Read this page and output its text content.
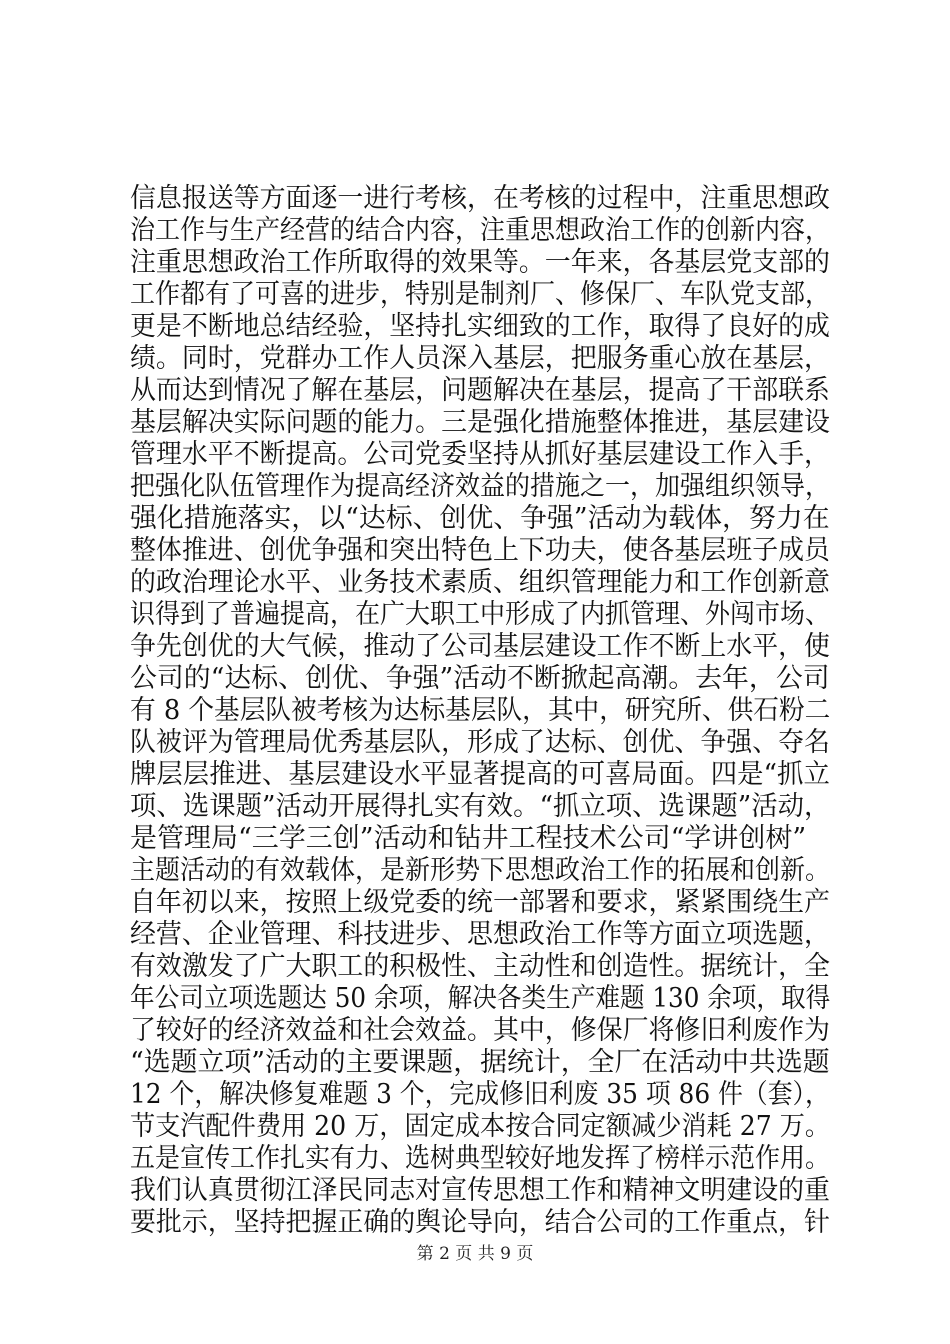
信息报送等方面逐一进行考核，在考核的过程中，注重思想政
治工作与生产经营的结合内容，注重思想政治工作的创新内容，
注重思想政治工作所取得的效果等。一年来，各基层党支部的
工作都有了可喜的进步，特别是制剂厂、修保厂、车队党支部，
更是不断地总结经验，坚持扎实细致的工作，取得了良好的成
绩。同时，党群办工作人员深入基层，把服务重心放在基层，
从而达到情况了解在基层，问题解决在基层，提高了干部联系
基层解决实际问题的能力。三是强化措施整体推进，基层建设
管理水平不断提高。公司党委坚持从抓好基层建设工作入手，
把强化队伍管理作为提高经济效益的措施之一，加强组织领导，
强化措施落实，以“达标、创优、争强”活动为载体，努力在
整体推进、创优争强和突出特色上下功夫，使各基层班子成员
的政治理论水平、业务技术素质、组织管理能力和工作创新意
识得到了普遍提高，在广大职工中形成了内抓管理、外闯市场、
争先创优的大气候，推动了公司基层建设工作不断上水平，使
公司的“达标、创优、争强”活动不断掀起高潮。去年，公司
有 8 个基层队被考核为达标基层队，其中，研究所、供石粉二
队被评为管理局优秀基层队，形成了达标、创优、争强、夺名
牌层层推进、基层建设水平显著提高的可喜局面。四是“抓立
项、选课题”活动开展得扎实有效。“抓立项、选课题”活动，
是管理局“三学三创”活动和钻井工程技术公司“学讲创树”
主题活动的有效载体，是新形势下思想政治工作的拓展和创新。
自年初以来，按照上级党委的统一部署和要求，紧紧围绕生产
经营、企业管理、科技进步、思想政治工作等方面立项选题，
有效激发了广大职工的积极性、主动性和创造性。据统计，全
年公司立项选题达 50 余项，解决各类生产难题 130 余项，取得
了较好的经济效益和社会效益。其中，修保厂将修旧利废作为
“选题立项”活动的主要课题，据统计，全厂在活动中共选题
12 个，解决修复难题 3 个，完成修旧利废 35 项 86 件（套），
节支汽配件费用 20 万，固定成本按合同定额减少消耗 27 万。
五是宣传工作扎实有力、选树典型较好地发挥了榜样示范作用。
我们认真贯彻江泽民同志对宣传思想工作和精神文明建设的重
要批示，坚持把握正确的舆论导向，结合公司的工作重点，针
第 2 页 共 9 页
